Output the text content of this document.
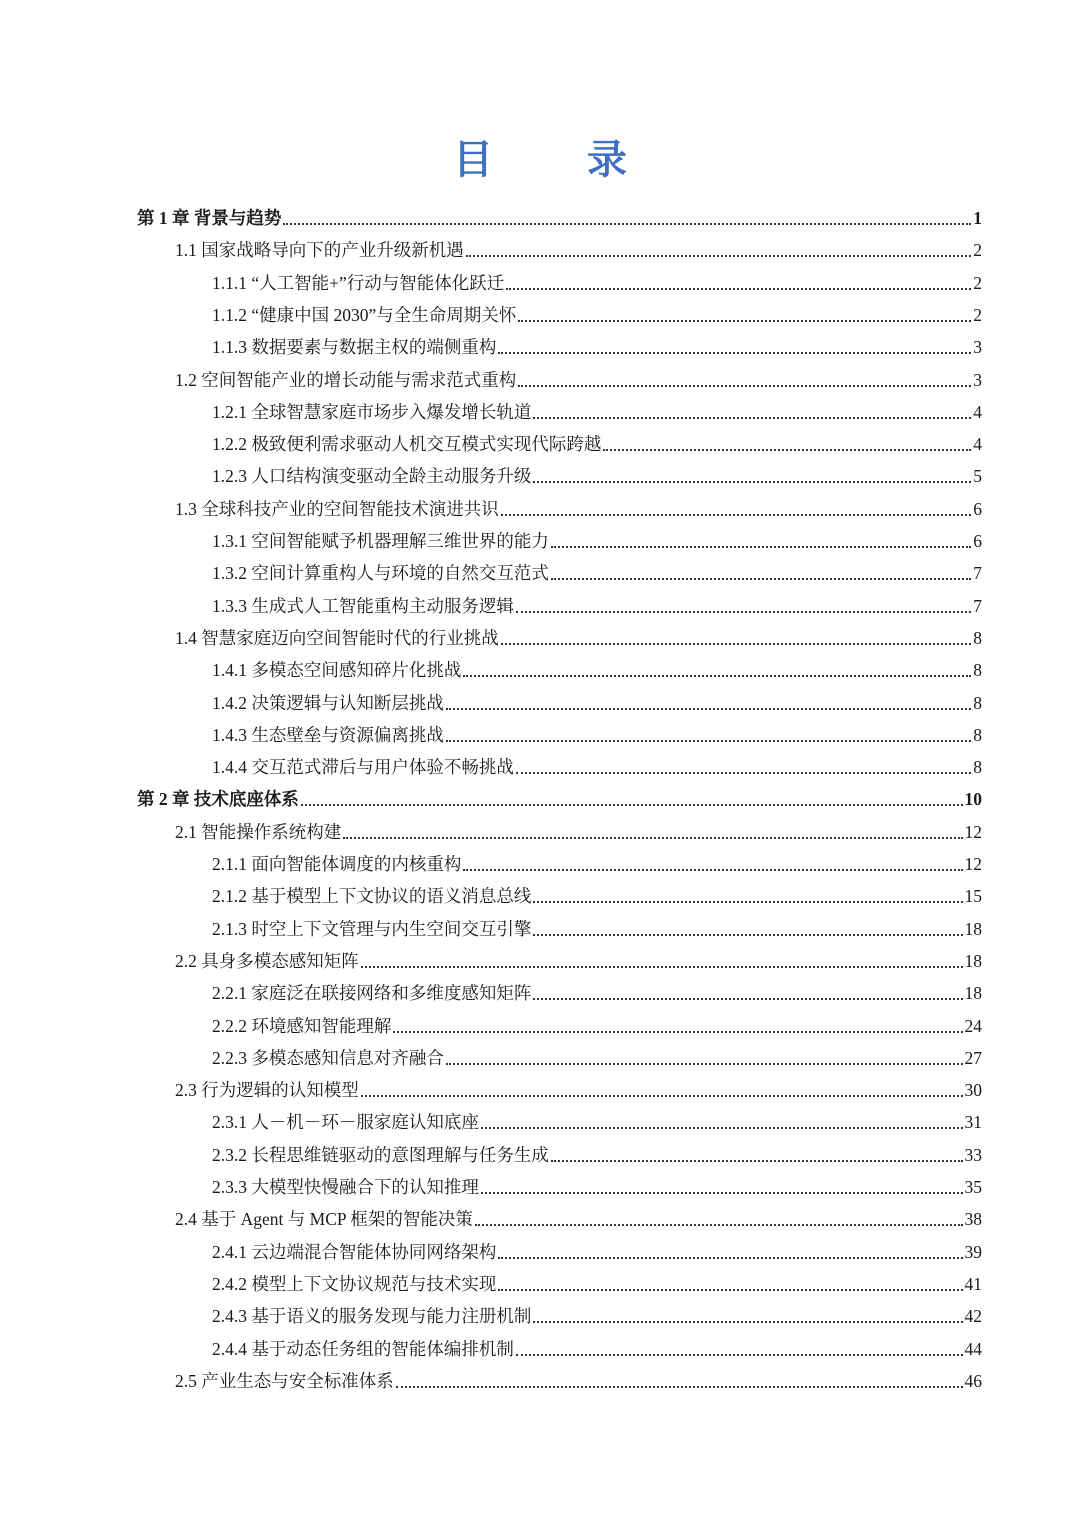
目 录
第 1 章 背景与趋势	1
1.1 国家战略导向下的产业升级新机遇	2
1.1.1 “人工智能+”行动与智能体化跃迁	2
1.1.2 “健康中国 2030”与全生命周期关怀	2
1.1.3 数据要素与数据主权的端侧重构	3
1.2 空间智能产业的增长动能与需求范式重构	3
1.2.1 全球智慧家庭市场步入爆发增长轨道	4
1.2.2 极致便利需求驱动人机交互模式实现代际跨越	4
1.2.3 人口结构演变驱动全龄主动服务升级	5
1.3 全球科技产业的空间智能技术演进共识	6
1.3.1 空间智能赋予机器理解三维世界的能力	6
1.3.2 空间计算重构人与环境的自然交互范式	7
1.3.3 生成式人工智能重构主动服务逻辑	7
1.4 智慧家庭迈向空间智能时代的行业挑战	8
1.4.1 多模态空间感知碎片化挑战	8
1.4.2 决策逻辑与认知断层挑战	8
1.4.3 生态壁垒与资源偏离挑战	8
1.4.4 交互范式滞后与用户体验不畅挑战	8
第 2 章 技术底座体系	10
2.1 智能操作系统构建	12
2.1.1 面向智能体调度的内核重构	12
2.1.2 基于模型上下文协议的语义消息总线	15
2.1.3 时空上下文管理与内生空间交互引擎	18
2.2 具身多模态感知矩阵	18
2.2.1 家庭泛在联接网络和多维度感知矩阵	18
2.2.2 环境感知智能理解	24
2.2.3 多模态感知信息对齐融合	27
2.3 行为逻辑的认知模型	30
2.3.1 人－机－环－服家庭认知底座	31
2.3.2 长程思维链驱动的意图理解与任务生成	33
2.3.3 大模型快慢融合下的认知推理	35
2.4 基于 Agent 与 MCP 框架的智能决策	38
2.4.1 云边端混合智能体协同网络架构	39
2.4.2 模型上下文协议规范与技术实现	41
2.4.3 基于语义的服务发现与能力注册机制	42
2.4.4 基于动态任务组的智能体编排机制	44
2.5 产业生态与安全标准体系	46
